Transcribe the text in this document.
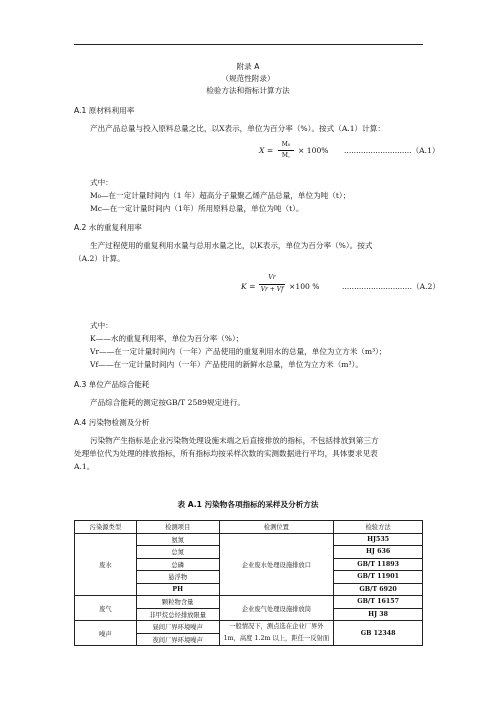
附录 A
（规范性附录）
检验方法和指标计算方法
A.1 原材料利用率
产出产品总量与投入原料总量之比，以X表示，单位为百分率（%）。按式（A.1）计算：
X =
M₀
M꜀
× 100% ............................（A.1）
式中：
M₀—在一定计量时间内（1 年）超高分子量聚乙烯产品总量，单位为吨（t）；
Mc—在一定计量时间内（1年）所用原料总量，单位为吨（t）。
A.2 水的重复利用率
生产过程使用的重复利用水量与总用水量之比，以K表示，单位为百分率（%）。按式
（A.2）计算。
K =
Vr
Vr + Vf ×100 %	.............................（A.2）
式中：
K——水的重复利用率，单位为百分率（%）；
Vr——在一定计量时间内（一年）产品使用的重复利用水的总量，单位为立方米（m³）；
Vf——在一定计量时间内（一年）产品使用的新鲜水总量，单位为立方米（m³）。
A.3 单位产品综合能耗
产品综合能耗的测定按GB/T 2589规定进行。
A.4 污染物检测及分析
污染物产生指标是企业污染物处理设施末端之后直接排放的指标，不包括排放到第三方
处理单位代为处理的排放指标，所有指标均按采样次数的实测数据进行平均，具体要求见表
A.1。
表 A.1 污染物各项指标的采样及分析方法
污染源类型	检测项目	检测位置	检验方法
废水	氨氮	企业废水处理设施排放口	HJ535
	总氮		HJ 636
	总磷		GB/T 11893
	悬浮物		GB/T 11901
	PH		GB/T 6920
废气	颗粒物含量	企业废气处理设施排放筒	GB/T 16157
	非甲烷总烃排放限量		HJ 38
噪声	昼间厂界环境噪声	一般情况下，测点选在企业厂界外
1m，高度 1.2m 以上，距任一反射面	GB 12348
	夜间厂界环境噪声		
